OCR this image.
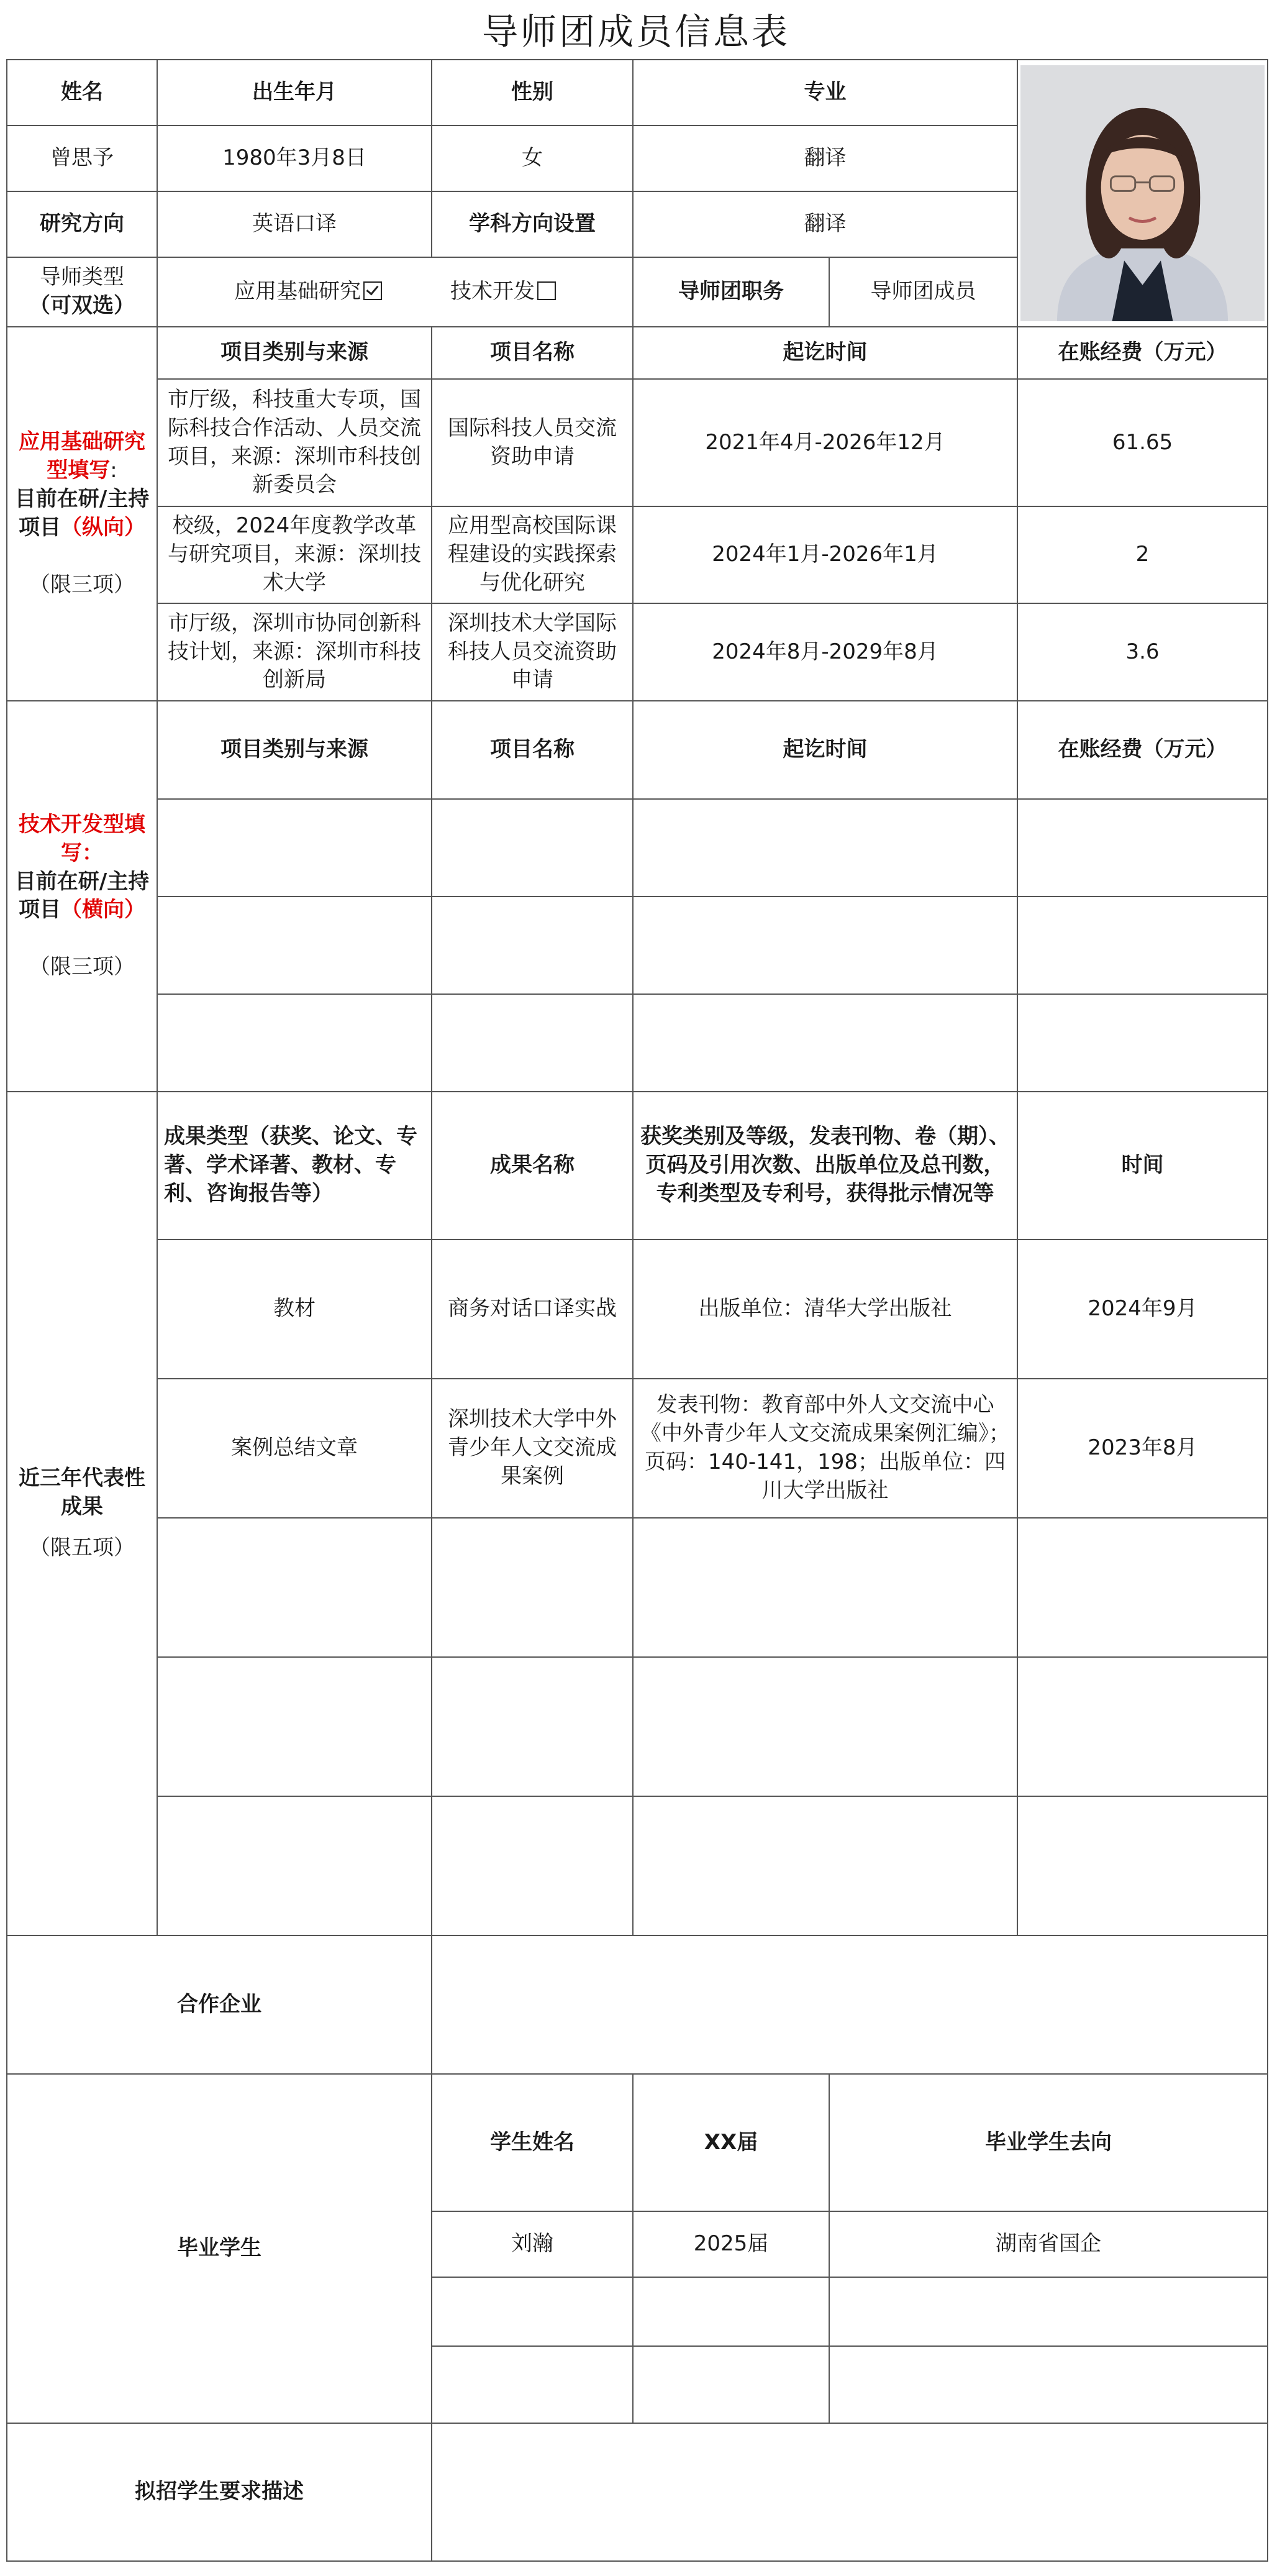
导师团成员信息表
姓名	出生年月	性别	专业	

曾思予	1980年3月8日	女	翻译		
研究方向	英语口译	学科方向设置	翻译		

导师类型
（可双选）	应用基础研究 技术开发		导师团职务	导师团成员	

应用基础研究型填写:
目前在研/主持项目（纵向）
（限三项）	项目类别与来源	项目名称	起讫时间		在账经费（万元）
	市厅级，科技重大专项，国际科技合作活动、人员交流项目，来源：深圳市科技创新委员会	国际科技人员交流资助申请	2021年4月-2026年12月		61.65
	校级，2024年度教学改革与研究项目，来源：深圳技术大学	应用型高校国际课程建设的实践探索与优化研究	2024年1月-2026年1月		2
	市厅级，深圳市协同创新科技计划，来源：深圳市科技创新局	深圳技术大学国际科技人员交流资助申请	2024年8月-2029年8月		3.6

技术开发型填写：
目前在研/主持项目（横向）
（限三项）	项目类别与来源	项目名称	起讫时间		在账经费（万元）

近三年代表性成果
（限五项）	成果类型（获奖、论文、专著、学术译著、教材、专利、咨询报告等）	成果名称	获奖类别及等级，发表刊物、卷（期）、页码及引用次数、出版单位及总刊数，专利类型及专利号，获得批示情况等		时间
	教材	商务对话口译实战	出版单位：清华大学出版社		2024年9月
	案例总结文章	深圳技术大学中外青少年人文交流成果案例	发表刊物：教育部中外人文交流中心《中外青少年人文交流成果案例汇编》；页码：140-141，198；出版单位：四川大学出版社		2023年8月

合作企业					
毕业学生		学生姓名	XX届	毕业学生去向	
		刘瀚	2025届	湖南省国企	

拟招学生要求描述					
